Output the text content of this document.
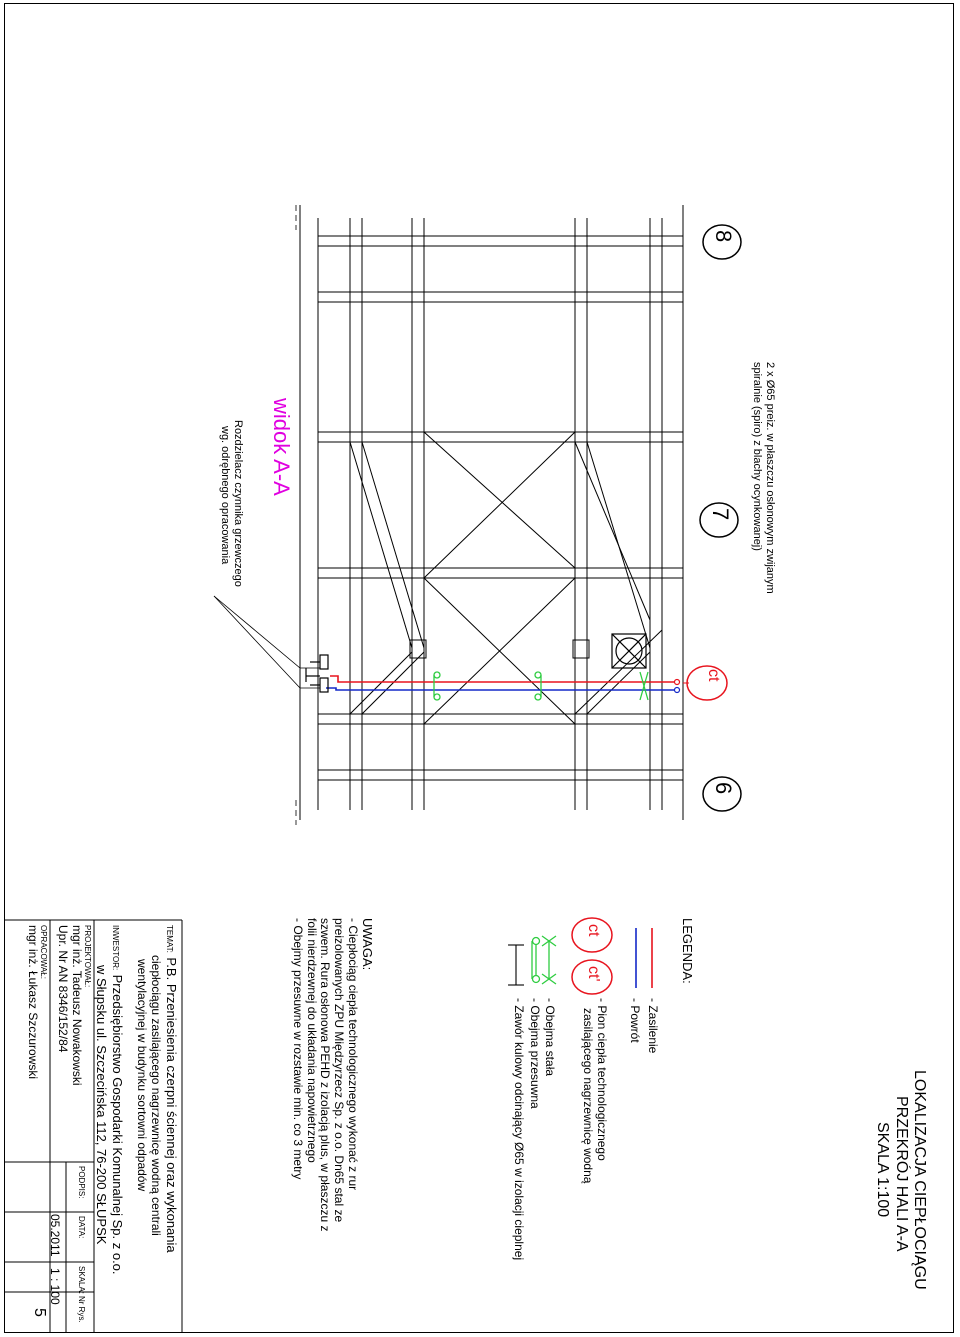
LOKALIZACJA CIEPŁOCIĄGU
PRZEKRÓJ HALI A-A
SKALA 1:100
LEGENDA:
- Zasilenie
- Powrót
ct
ct'
- Pion ciepła technologicznego
zasilającego nagrzewnicę wodną
- Obejma stała
- Obejma przesuwna
- Zawór kulowy odcinający Ø65 w izolacji cieplnej
UWAGA:
- Ciepłociąg ciepła technologicznego wykonać z rur
preizolowanych ZPU Międzyrzecz Sp. z o.o. Dn65 stal ze
szwem. Rura osłonowa PEHD z izolacją plus, w płaszczu z
folii nierdzewnej do układania napowietrznego
- Obejmy przesuwne w rozstawie min. co 3 metry
8
7
6
ct
2 x Ø65 preiz. w płaszczu osłonowym zwijanym
spiralnie (spiro) z blachy ocynkowanej)
widok A-A
Rozdzielacz czynnika grzewczego
wg. odrębnego opracowania
TEMAT: P.B. Przeniesienia czerpni ściennej oraz wykonania
ciepłociągu zasilającego nagrzewnicę wodną centrali
wentylacyjnej w budynku sortowni odpadów
INWESTOR: Przedsiębiorstwo Gospodarki Komunalnej Sp. z o.o.
w Słupsku ul. Szczecińska 112, 76-200 SŁUPSK
PROJEKTOWAŁ:
mgr inż. Tadeusz Nowakowski
Upr. Nr AN 8346/152/84
OPRACOWAŁ:
mgr inż. Łukasz Szczurowski
PODPIS:
DATA:
SKALA:
Nr Rys.
05.2011
1 : 100
5
